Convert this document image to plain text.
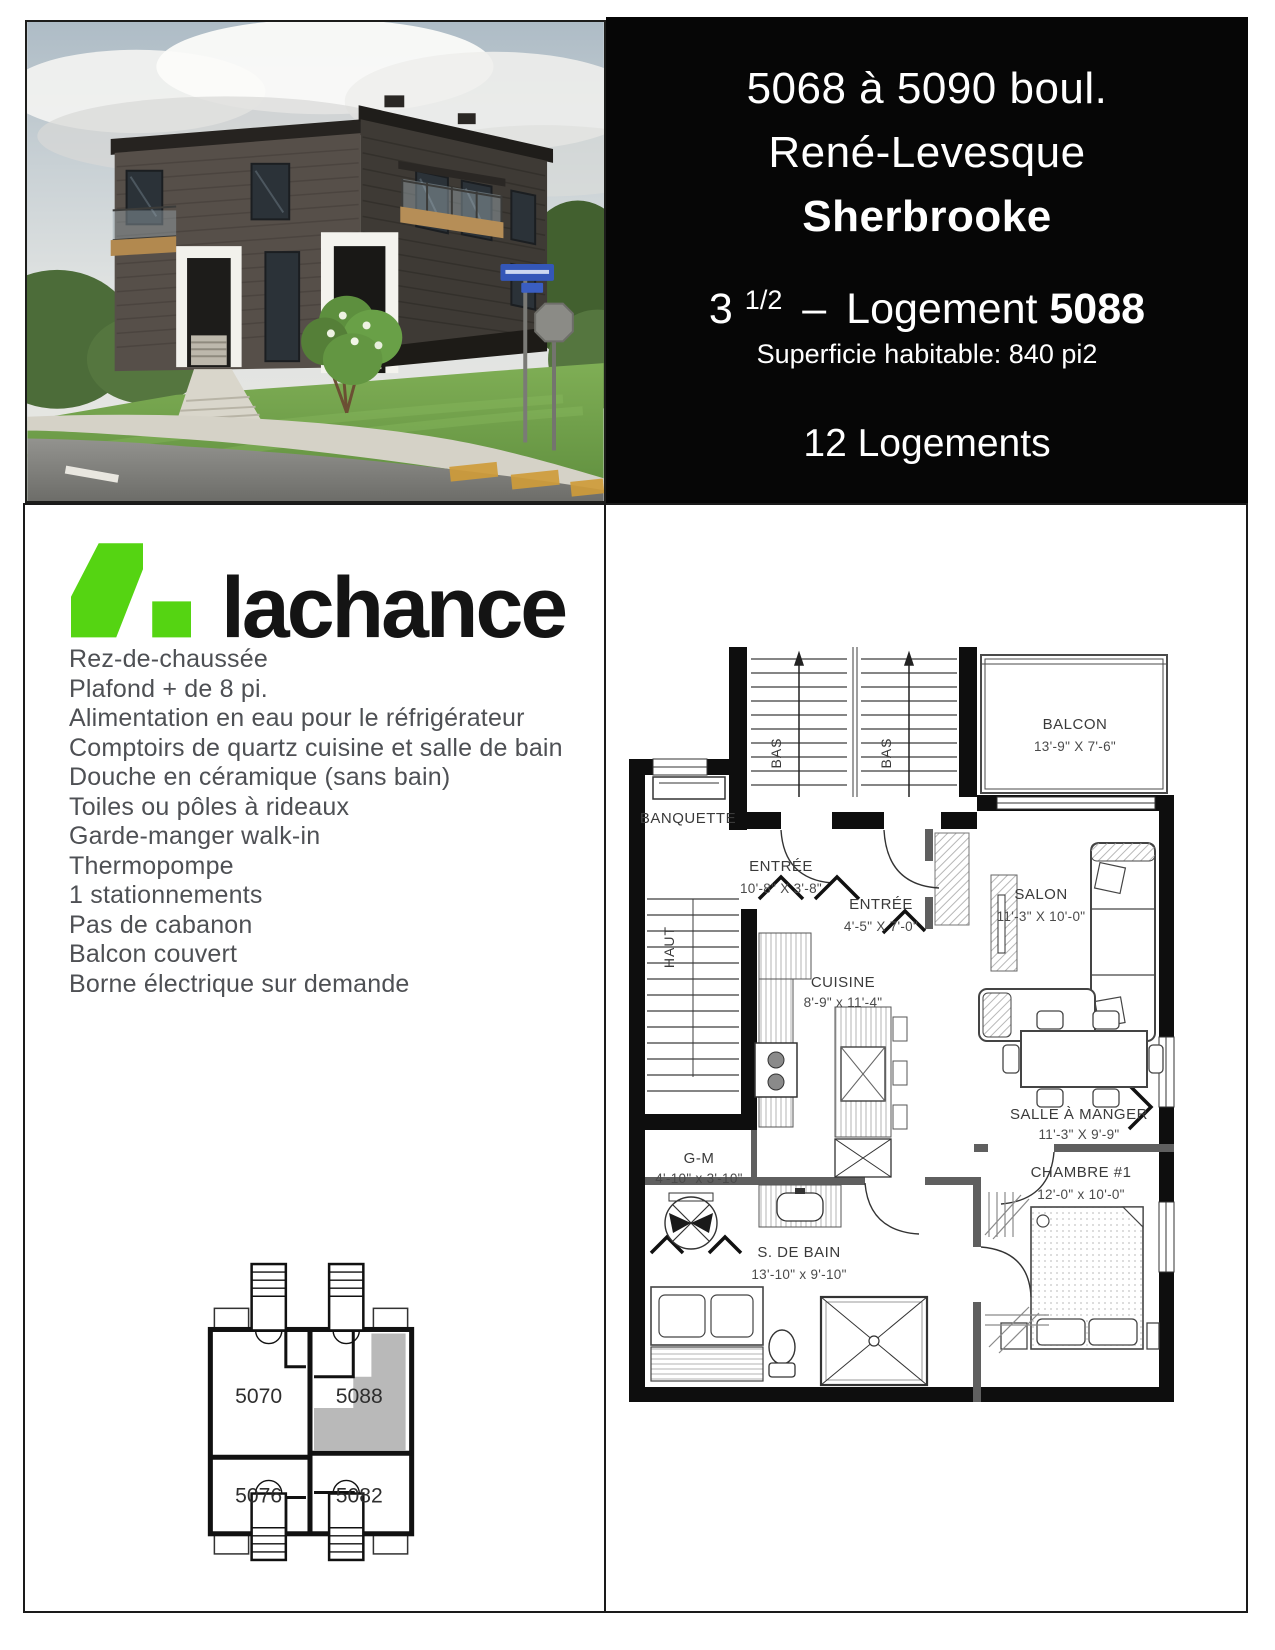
5068 à 5090 boul.
René-Levesque
Sherbrooke
3 $^{1/2}$ – Logement 5088
Superficie habitable: 840 pi2
12 Logements
lachance
Rez-de-chaussée
Plafond + de 8 pi.
Alimentation en eau pour le réfrigérateur
Comptoirs de quartz cuisine et salle de bain
Douche en céramique (sans bain)
Toiles ou pôles à rideaux
Garde-manger walk-in
Thermopompe
1 stationnements
Pas de cabanon
Balcon couvert
Borne électrique sur demande
5070	5088
5076	5082
BALCON
13'-9" X 7'-6"
BAS	BAS
HAUT
BANQUETTE
CUISINE
8'-9" x 11'-4"
SALON
11'-3" X 10'-0"
ENTRÉE
10'-8" X 3'-8"
ENTRÉE
4'-5" X 7'-0"
G-M
4'-10" x 3'-10"
SALLE À MANGER
11'-3" X 9'-9"
CHAMBRE #1
12'-0" x 10'-0"
S. DE BAIN
13'-10" x 9'-10"
